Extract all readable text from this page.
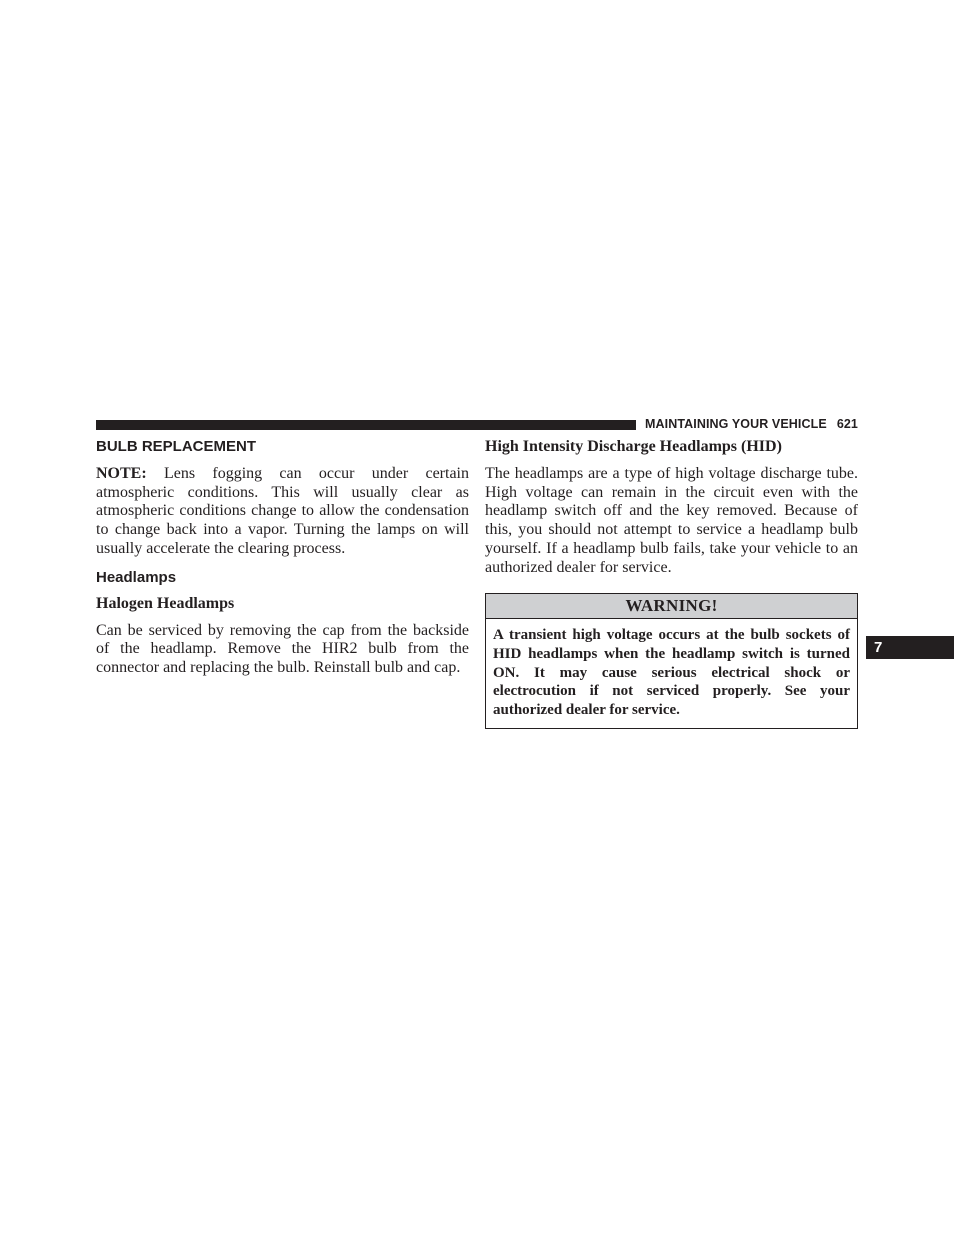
MAINTAINING YOUR VEHICLE 621
7
BULB REPLACEMENT

NOTE: Lens fogging can occur under certain atmospheric conditions. This will usually clear as atmospheric conditions change to allow the condensation to change back into a vapor. Turning the lamps on will usually accelerate the clearing process.

Headlamps
Halogen Headlamps

Can be serviced by removing the cap from the backside of the headlamp. Remove the HIR2 bulb from the connector and replacing the bulb. Reinstall bulb and cap.

High Intensity Discharge Headlamps (HID)

The headlamps are a type of high voltage discharge tube. High voltage can remain in the circuit even with the headlamp switch off and the key removed. Because of this, you should not attempt to service a headlamp bulb yourself. If a headlamp bulb fails, take your vehicle to an authorized dealer for service.

WARNING!
A transient high voltage occurs at the bulb sockets of HID headlamps when the headlamp switch is turned ON. It may cause serious electrical shock or electrocution if not serviced properly. See your authorized dealer for service.
